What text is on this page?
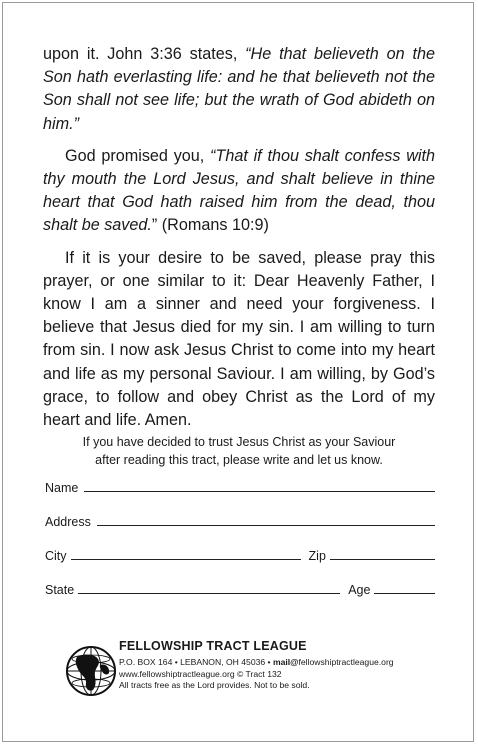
upon it. John 3:36 states, “He that believeth on the Son hath everlasting life: and he that believeth not the Son shall not see life; but the wrath of God abideth on him.”

God promised you, “That if thou shalt confess with thy mouth the Lord Jesus, and shalt believe in thine heart that God hath raised him from the dead, thou shalt be saved.” (Romans 10:9)

If it is your desire to be saved, please pray this prayer, or one similar to it: Dear Heavenly Father, I know I am a sinner and need your forgiveness. I believe that Jesus died for my sin. I am willing to turn from sin. I now ask Jesus Christ to come into my heart and life as my personal Saviour. I am willing, by God’s grace, to follow and obey Christ as the Lord of my heart and life. Amen.

If you have decided to trust Jesus Christ as your Saviour
after reading this tract, please write and let us know.
Name
Address
City	Zip
State	Age
FELLOWSHIP TRACT LEAGUE
P.O. BOX 164 • LEBANON, OH 45036 • mail@fellowshiptractleague.org
www.fellowshiptractleague.org © Tract 132
All tracts free as the Lord provides. Not to be sold.
